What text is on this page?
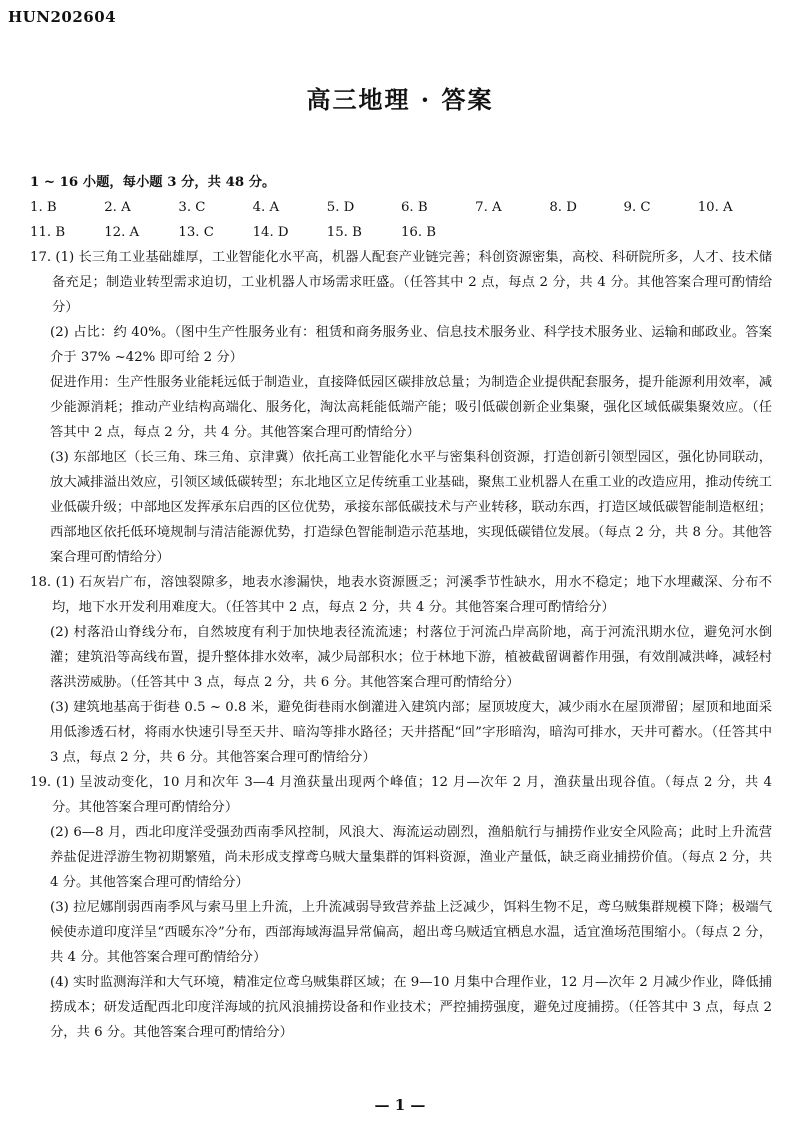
HUN202604
高三地理 · 答案
1 ~ 16 小题，每小题 3 分，共 48 分。
1. B	2. A	3. C	4. A	5. D	6. B	7. A	8. D	9. C	10. A
11. B	12. A	13. C	14. D	15. B	16. B

17. (1) 长三角工业基础雄厚，工业智能化水平高，机器人配套产业链完善；科创资源密集，高校、科研院所多，人才、技术储备充足；制造业转型需求迫切，工业机器人市场需求旺盛。（任答其中 2 点，每点 2 分，共 4 分。其他答案合理可酌情给分）

(2) 占比：约 40%。（图中生产性服务业有：租赁和商务服务业、信息技术服务业、科学技术服务业、运输和邮政业。答案介于 37% ~42% 即可给 2 分）

促进作用：生产性服务业能耗远低于制造业，直接降低园区碳排放总量；为制造企业提供配套服务，提升能源利用效率，减少能源消耗；推动产业结构高端化、服务化，淘汰高耗能低端产能；吸引低碳创新企业集聚，强化区域低碳集聚效应。（任答其中 2 点，每点 2 分，共 4 分。其他答案合理可酌情给分）

(3) 东部地区（长三角、珠三角、京津冀）依托高工业智能化水平与密集科创资源，打造创新引领型园区，强化协同联动，放大减排溢出效应，引领区域低碳转型；东北地区立足传统重工业基础，聚焦工业机器人在重工业的改造应用，推动传统工业低碳升级；中部地区发挥承东启西的区位优势，承接东部低碳技术与产业转移，联动东西，打造区域低碳智能制造枢纽；西部地区依托低环境规制与清洁能源优势，打造绿色智能制造示范基地，实现低碳错位发展。（每点 2 分，共 8 分。其他答案合理可酌情给分）

18. (1) 石灰岩广布，溶蚀裂隙多，地表水渗漏快，地表水资源匮乏；河溪季节性缺水，用水不稳定；地下水埋藏深、分布不均，地下水开发利用难度大。（任答其中 2 点，每点 2 分，共 4 分。其他答案合理可酌情给分）

(2) 村落沿山脊线分布，自然坡度有利于加快地表径流流速；村落位于河流凸岸高阶地，高于河流汛期水位，避免河水倒灌；建筑沿等高线布置，提升整体排水效率，减少局部积水；位于林地下游，植被截留调蓄作用强，有效削减洪峰，减轻村落洪涝威胁。（任答其中 3 点，每点 2 分，共 6 分。其他答案合理可酌情给分）

(3) 建筑地基高于街巷 0.5 ~ 0.8 米，避免街巷雨水倒灌进入建筑内部；屋顶坡度大，减少雨水在屋顶滞留；屋顶和地面采用低渗透石材，将雨水快速引导至天井、暗沟等排水路径；天井搭配“回”字形暗沟，暗沟可排水，天井可蓄水。（任答其中 3 点，每点 2 分，共 6 分。其他答案合理可酌情给分）

19. (1) 呈波动变化，10 月和次年 3—4 月渔获量出现两个峰值；12 月—次年 2 月，渔获量出现谷值。（每点 2 分，共 4 分。其他答案合理可酌情给分）

(2) 6—8 月，西北印度洋受强劲西南季风控制，风浪大、海流运动剧烈，渔船航行与捕捞作业安全风险高；此时上升流营养盐促进浮游生物初期繁殖，尚未形成支撑鸢乌贼大量集群的饵料资源，渔业产量低，缺乏商业捕捞价值。（每点 2 分，共 4 分。其他答案合理可酌情给分）

(3) 拉尼娜削弱西南季风与索马里上升流，上升流减弱导致营养盐上泛减少，饵料生物不足，鸢乌贼集群规模下降；极端气候使赤道印度洋呈“西暖东冷”分布，西部海域海温异常偏高，超出鸢乌贼适宜栖息水温，适宜渔场范围缩小。（每点 2 分，共 4 分。其他答案合理可酌情给分）

(4) 实时监测海洋和大气环境，精准定位鸢乌贼集群区域；在 9—10 月集中合理作业，12 月—次年 2 月减少作业，降低捕捞成本；研发适配西北印度洋海域的抗风浪捕捞设备和作业技术；严控捕捞强度，避免过度捕捞。（任答其中 3 点，每点 2 分，共 6 分。其他答案合理可酌情给分）

— 1 —
